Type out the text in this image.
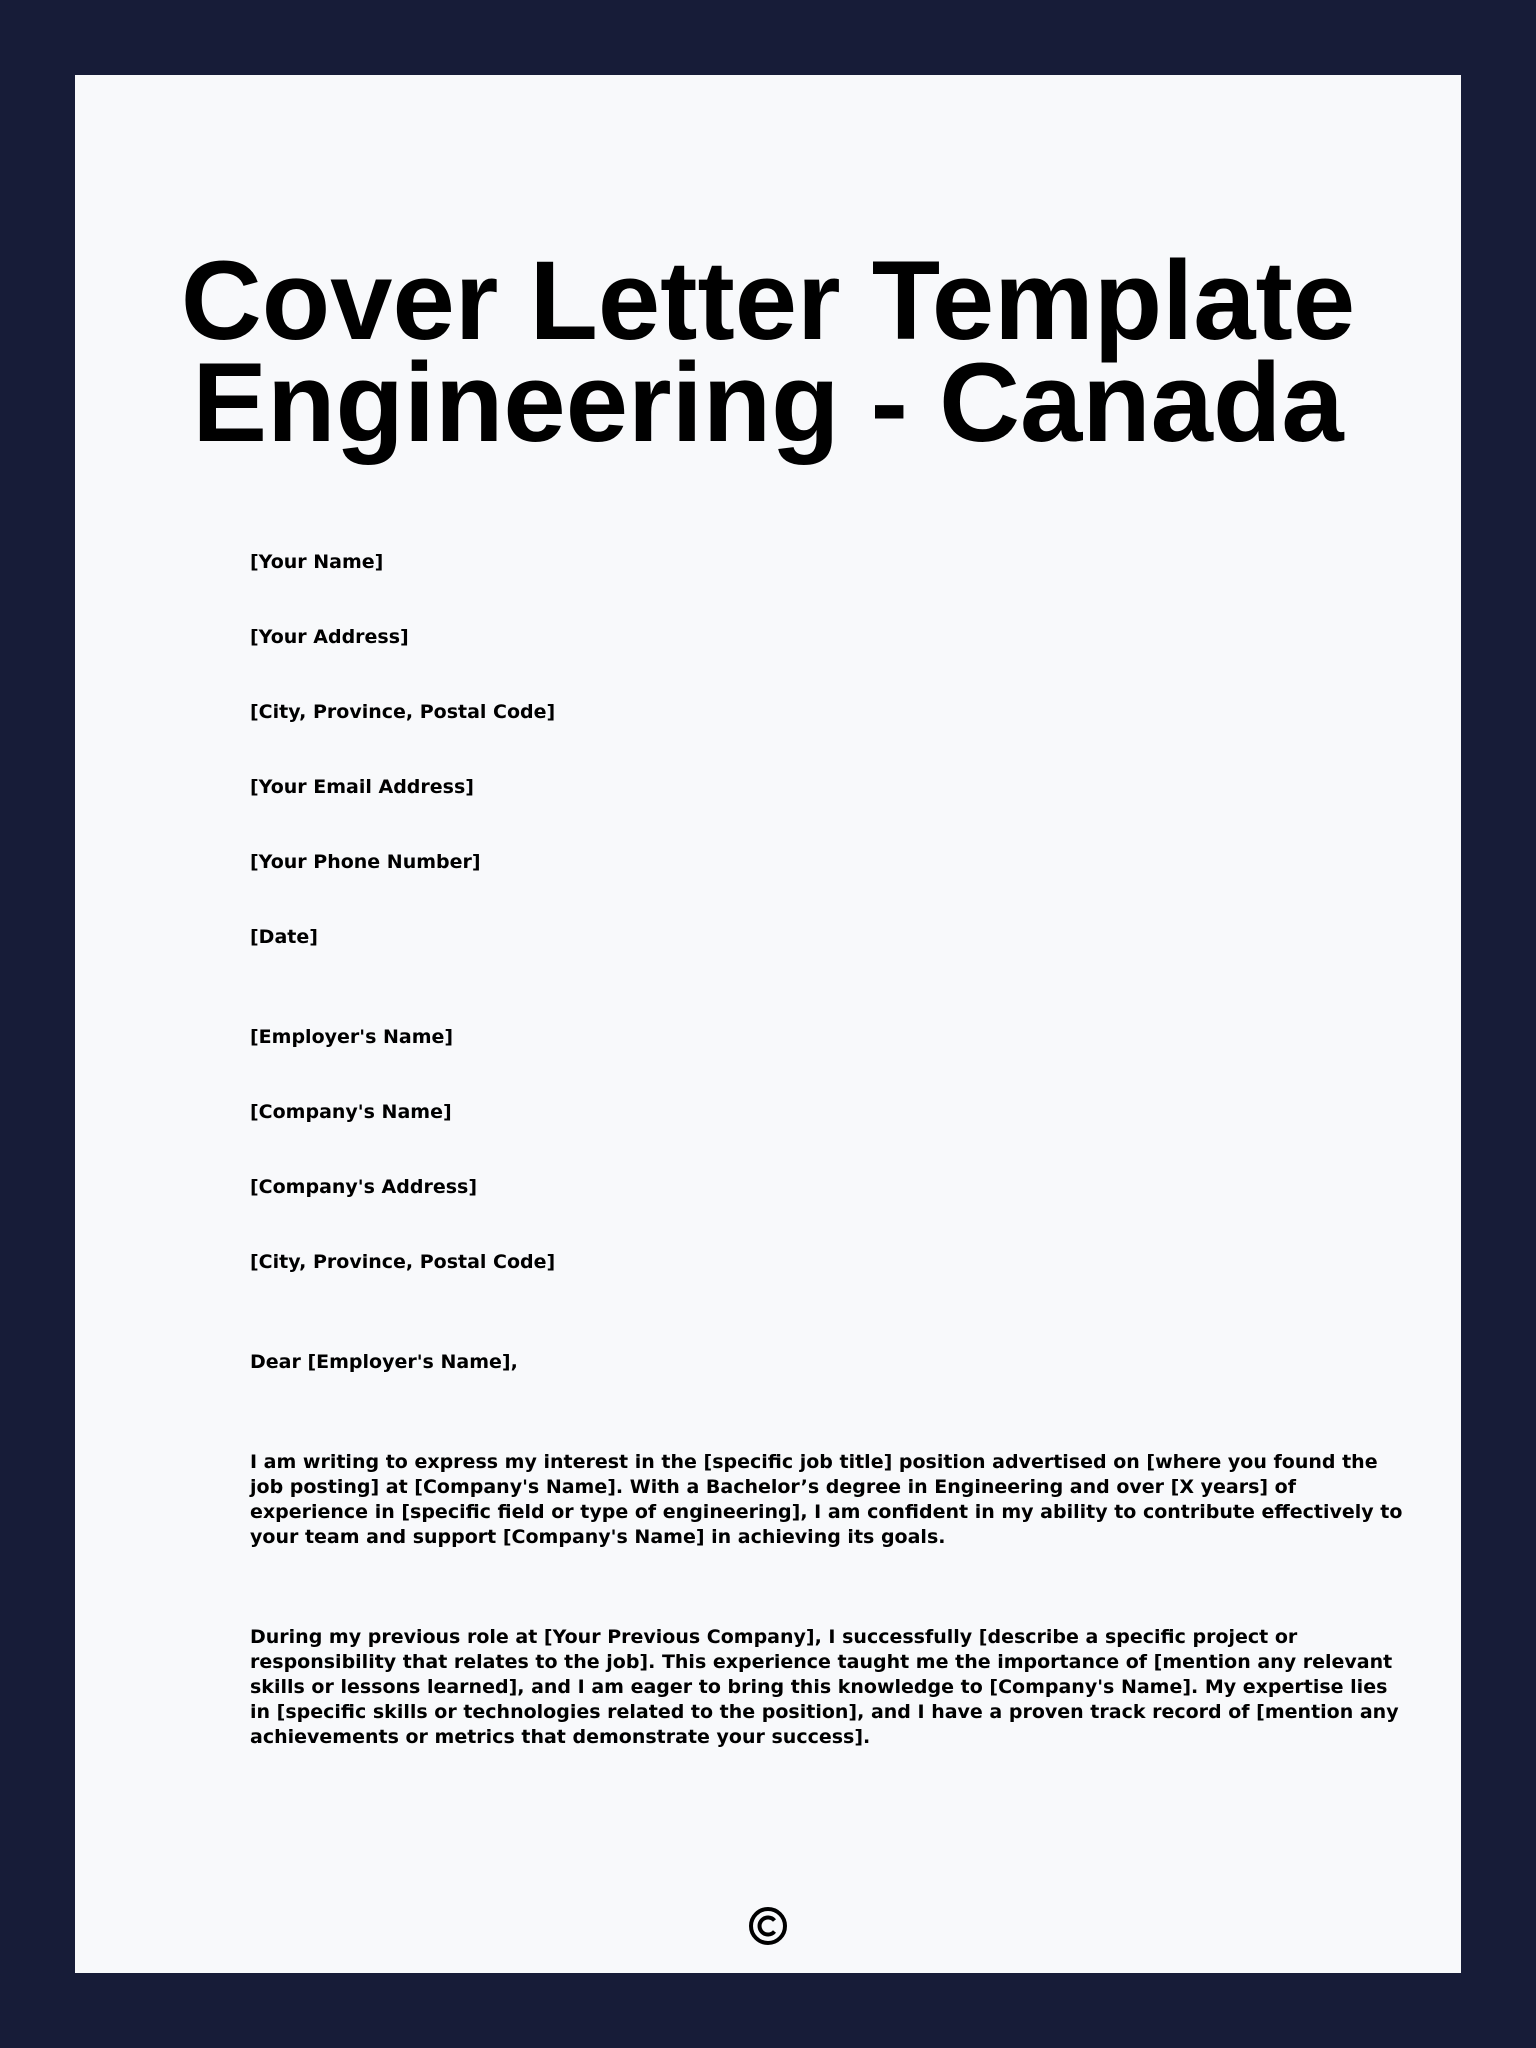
Cover Letter Template
Engineering - Canada
[Your Name]
[Your Address]
[City, Province, Postal Code]
[Your Email Address]
[Your Phone Number]
[Date]
[Employer's Name]
[Company's Name]
[Company's Address]
[City, Province, Postal Code]
Dear [Employer's Name],

I am writing to express my interest in the [specific job title] position advertised on [where you found the
job posting] at [Company's Name]. With a Bachelor’s degree in Engineering and over [X years] of
experience in [specific field or type of engineering], I am confident in my ability to contribute effectively to
your team and support [Company's Name] in achieving its goals.

During my previous role at [Your Previous Company], I successfully [describe a specific project or
responsibility that relates to the job]. This experience taught me the importance of [mention any relevant
skills or lessons learned], and I am eager to bring this knowledge to [Company's Name]. My expertise lies
in [specific skills or technologies related to the position], and I have a proven track record of [mention any
achievements or metrics that demonstrate your success].
